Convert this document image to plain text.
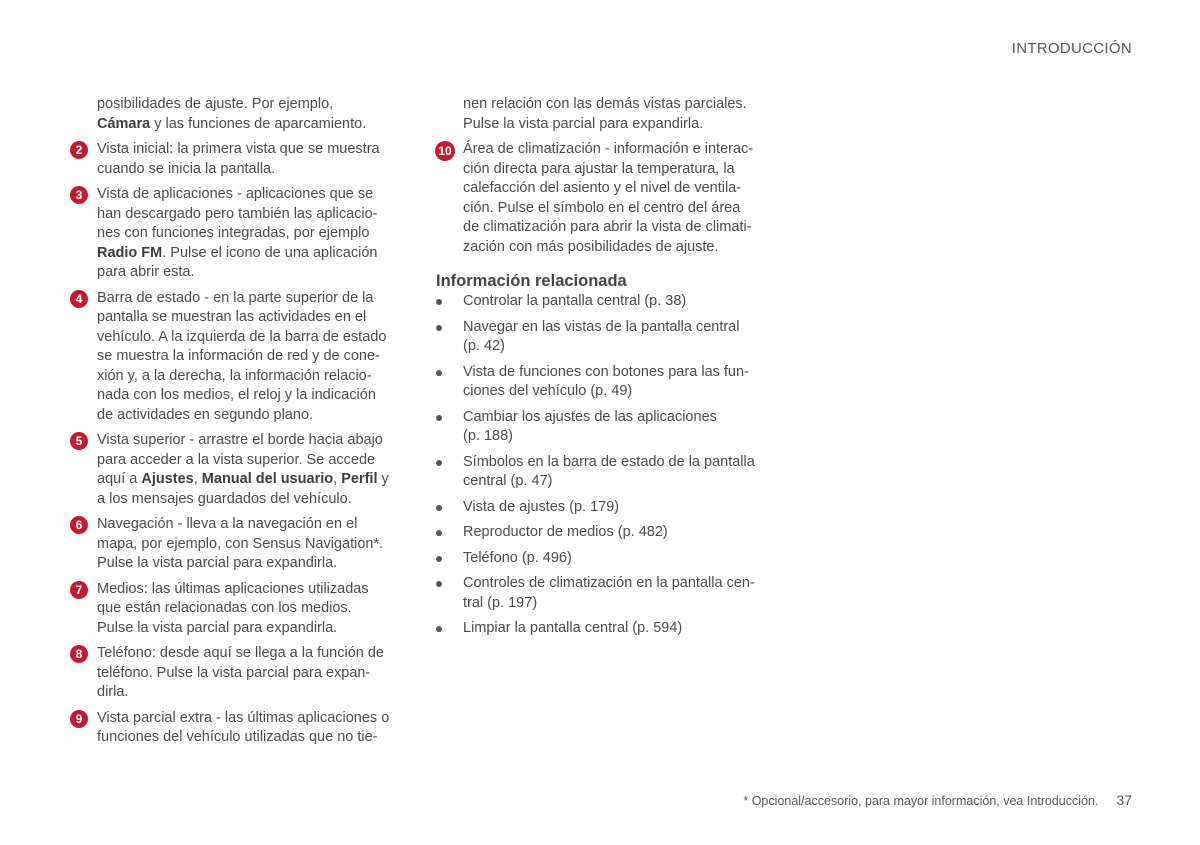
INTRODUCCIÓN
posibilidades de ajuste. Por ejemplo,
Cámara y las funciones de aparcamiento.
2	Vista inicial: la primera vista que se muestra
cuando se inicia la pantalla.
3	Vista de aplicaciones - aplicaciones que se
han descargado pero también las aplicacio-
nes con funciones integradas, por ejemplo
Radio FM. Pulse el icono de una aplicación
para abrir esta.
4	Barra de estado - en la parte superior de la
pantalla se muestran las actividades en el
vehículo. A la izquierda de la barra de estado
se muestra la información de red y de cone-
xión y, a la derecha, la información relacio-
nada con los medios, el reloj y la indicación
de actividades en segundo plano.
5	Vista superior - arrastre el borde hacia abajo
para acceder a la vista superior. Se accede
aquí a Ajustes, Manual del usuario, Perfil y
a los mensajes guardados del vehículo.
6	Navegación - lleva a la navegación en el
mapa, por ejemplo, con Sensus Navigation*.
Pulse la vista parcial para expandirla.
7	Medios: las últimas aplicaciones utilizadas
que están relacionadas con los medios.
Pulse la vista parcial para expandirla.
8	Teléfono: desde aquí se llega a la función de
teléfono. Pulse la vista parcial para expan-
dirla.
9	Vista parcial extra - las últimas aplicaciones o
funciones del vehículo utilizadas que no tie-
nen relación con las demás vistas parciales.
Pulse la vista parcial para expandirla.
10 Área de climatización - información e interac-
ción directa para ajustar la temperatura, la
calefacción del asiento y el nivel de ventila-
ción. Pulse el símbolo en el centro del área
de climatización para abrir la vista de climati-
zación con más posibilidades de ajuste.
Información relacionada
Controlar la pantalla central (p. 38)
Navegar en las vistas de la pantalla central
(p. 42)
Vista de funciones con botones para las fun-
ciones del vehículo (p. 49)
Cambiar los ajustes de las aplicaciones
(p. 188)
Símbolos en la barra de estado de la pantalla
central (p. 47)
Vista de ajustes (p. 179)
Reproductor de medios (p. 482)
Teléfono (p. 496)
Controles de climatización en la pantalla cen-
tral (p. 197)
Limpiar la pantalla central (p. 594)
* Opcional/accesorio, para mayor información, vea Introducción. 37
